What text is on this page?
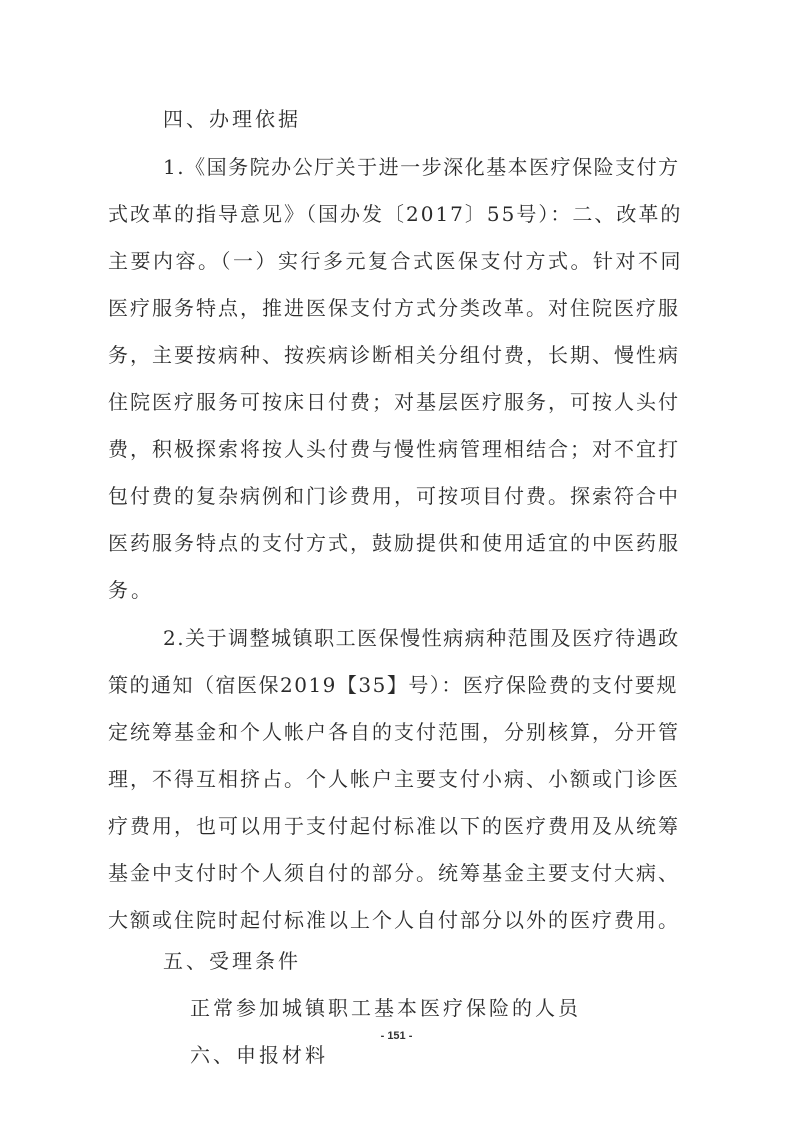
四、办理依据
1.《国务院办公厅关于进一步深化基本医疗保险支付方
式改革的指导意见》（国办发〔2017〕55号）：二、改革的
主要内容。（一）实行多元复合式医保支付方式。针对不同
医疗服务特点，推进医保支付方式分类改革。对住院医疗服
务，主要按病种、按疾病诊断相关分组付费，长期、慢性病
住院医疗服务可按床日付费；对基层医疗服务，可按人头付
费，积极探索将按人头付费与慢性病管理相结合；对不宜打
包付费的复杂病例和门诊费用，可按项目付费。探索符合中
医药服务特点的支付方式，鼓励提供和使用适宜的中医药服
务。
2.关于调整城镇职工医保慢性病病种范围及医疗待遇政
策的通知（宿医保2019【35】号）：医疗保险费的支付要规
定统筹基金和个人帐户各自的支付范围，分别核算，分开管
理，不得互相挤占。个人帐户主要支付小病、小额或门诊医
疗费用，也可以用于支付起付标准以下的医疗费用及从统筹
基金中支付时个人须自付的部分。统筹基金主要支付大病、
大额或住院时起付标准以上个人自付部分以外的医疗费用。
五、受理条件
正常参加城镇职工基本医疗保险的人员
六、申报材料
- 151 -
